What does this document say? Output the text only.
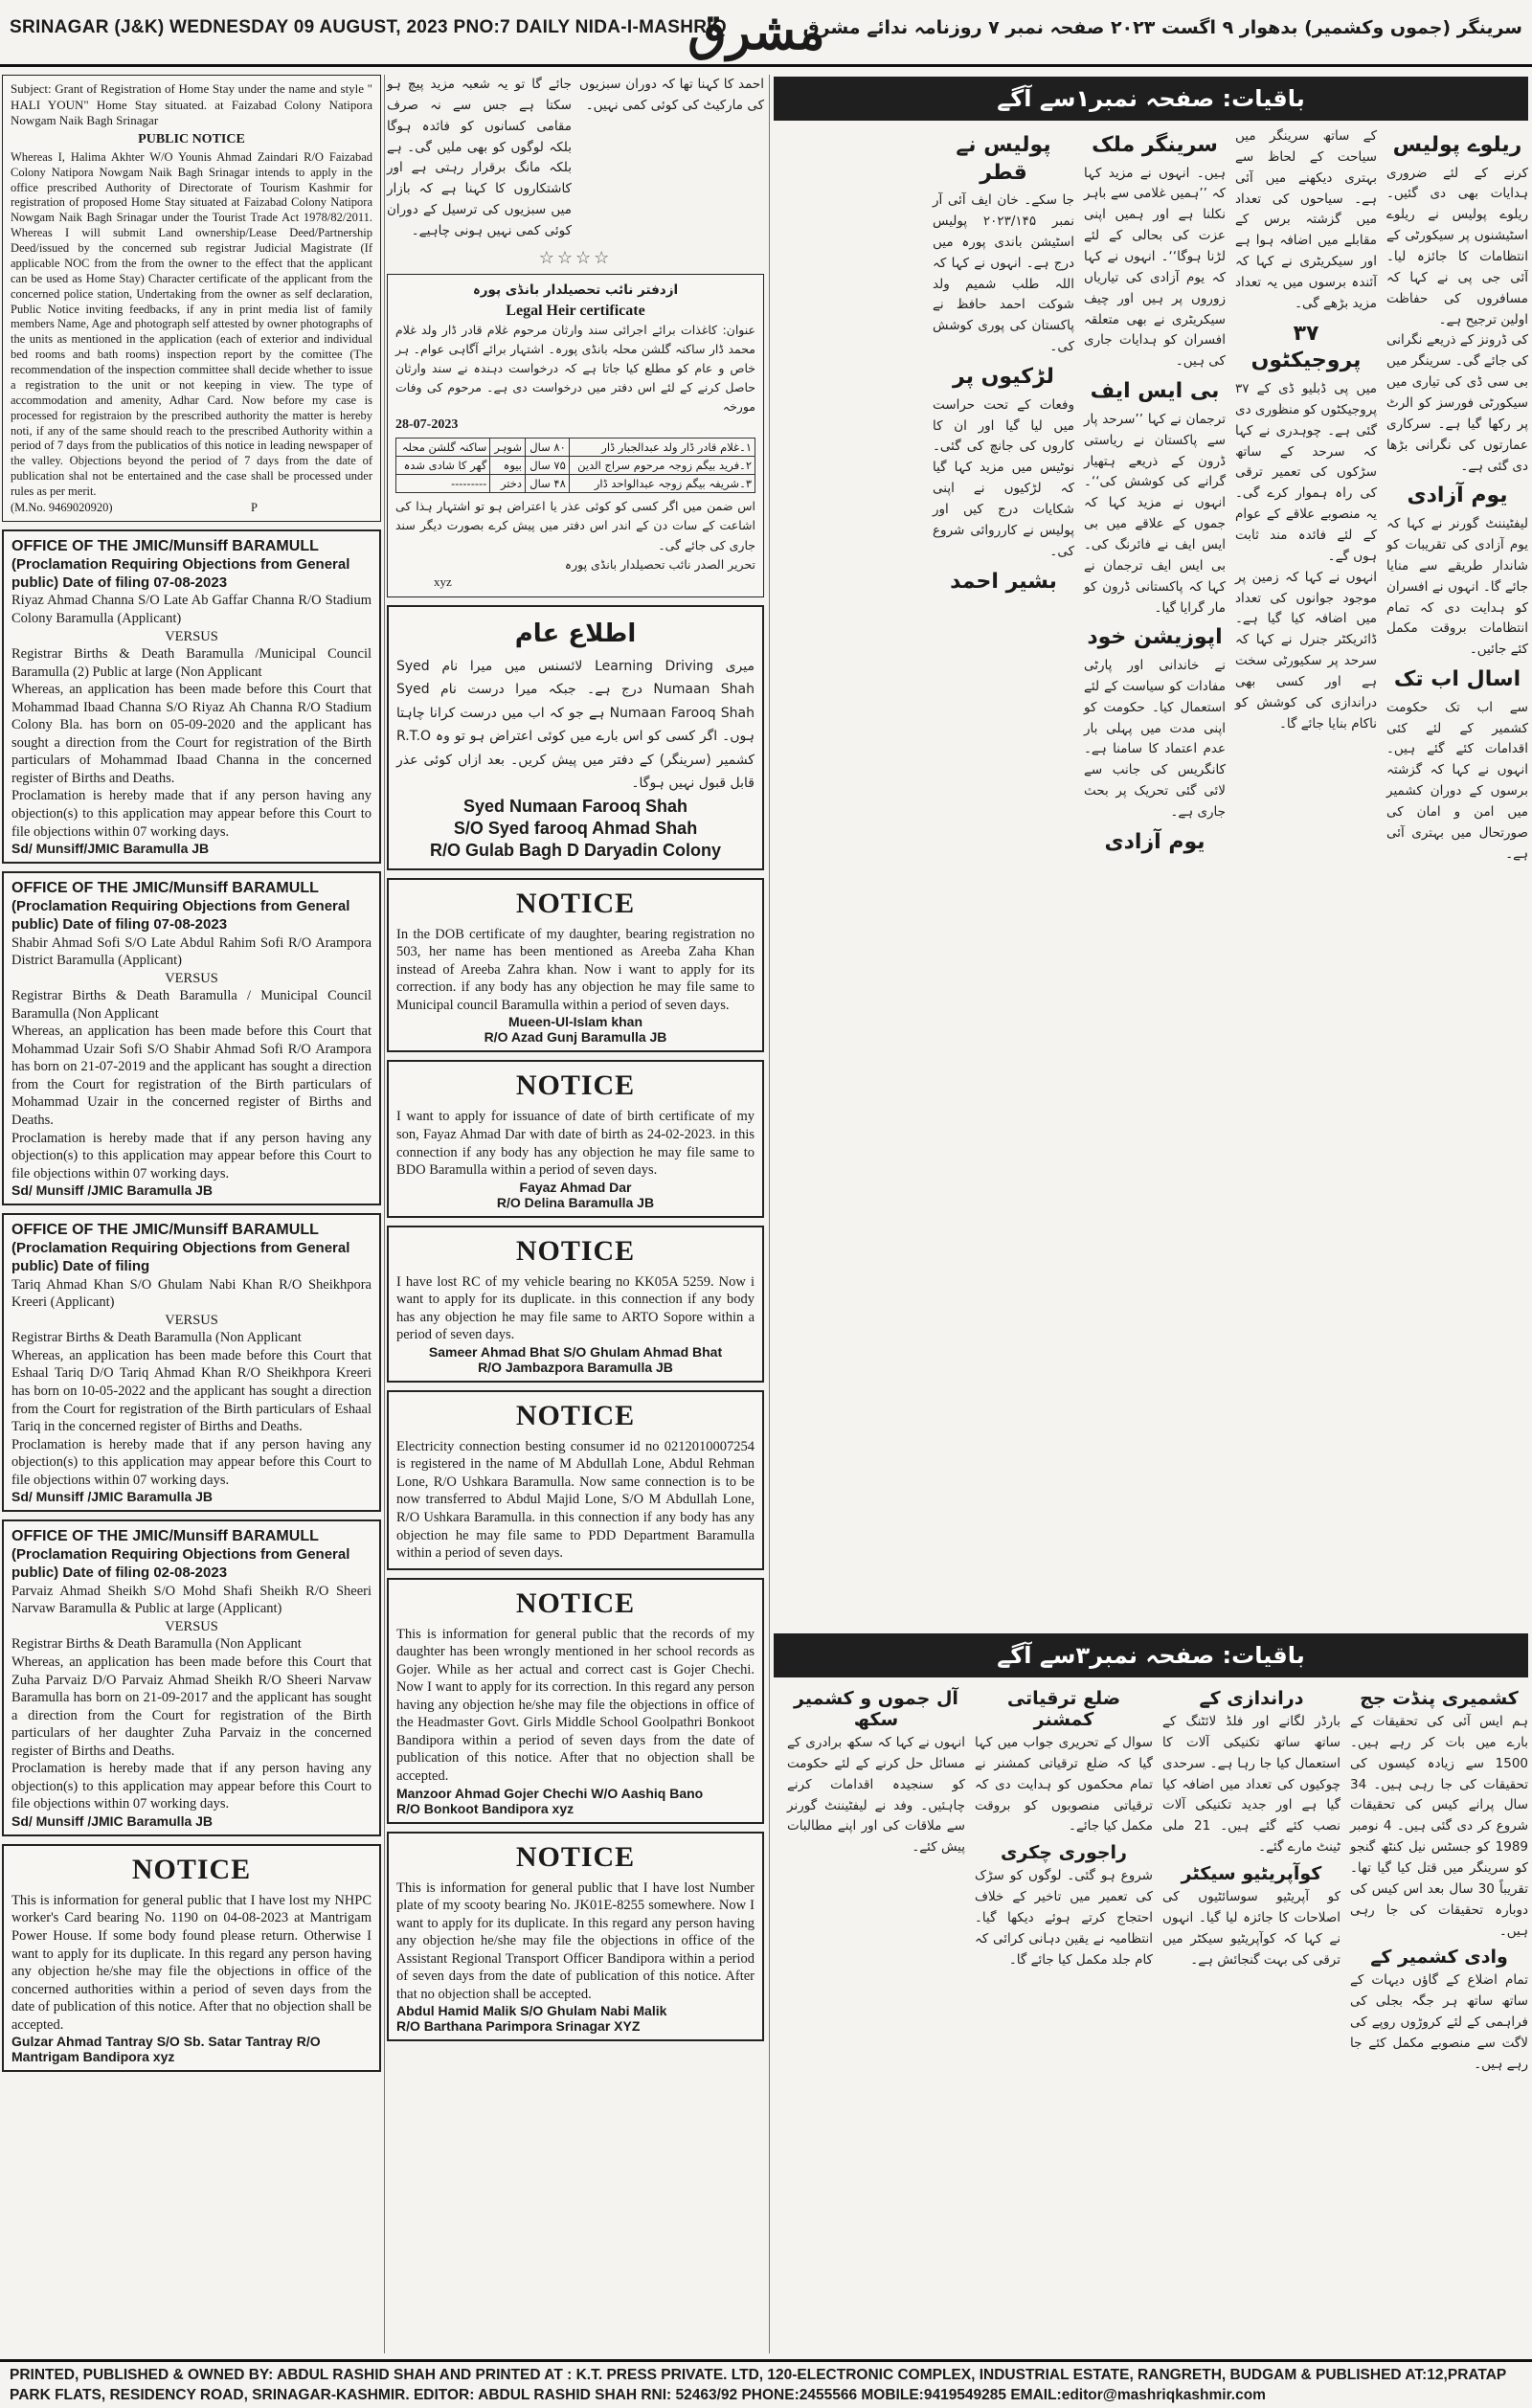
SRINAGAR (J&K) WEDNESDAY 09 AUGUST, 2023 PNO:7 DAILY NIDA-I-MASHRIQ
مشرق
سرینگر (جموں وکشمیر) بدھوار ۹ اگست ۲۰۲۳ صفحہ نمبر ۷ روزنامہ ندائے مشرق
Subject: Grant of Registration of Home Stay under the name and style " HALI YOUN" Home Stay situated. at Faizabad Colony Natipora Nowgam Naik Bagh Srinagar
PUBLIC NOTICE
Whereas I, Halima Akhter W/O Younis Ahmad Zaindari R/O Faizabad Colony Natipora Nowgam Naik Bagh Srinagar intends to apply in the office prescribed Authority of Directorate of Tourism Kashmir for registration of proposed Home Stay situated at Faizabad Colony Natipora Nowgam Naik Bagh Srinagar under the Tourist Trade Act 1978/82/2011. Whereas I will submit Land ownership/Lease Deed/Partnership Deed/issued by the concerned sub registrar Judicial Magistrate (If applicable NOC from the from the owner to the effect that the applicant can be used as Home Stay) Character certificate of the applicant from the concerned police station, Undertaking from the owner as self declaration, Public Notice inviting feedbacks, if any in print media list of family members Name, Age and photograph self attested by owner photographs of the units as mentioned in the application (each of exterior and individual bed rooms and bath rooms) inspection report by the comittee (The recommendation of the inspection committee shall decide whether to issue a registration to the unit or not keeping in view. The type of accommodation and amenity, Adhar Card. Now before my case is processed for registraion by the prescribed authority the matter is hereby noti, if any of the same should reach to the prescribed Authority within a period of 7 days from the publicatios of this notice in leading newspaper of the valley. Objections beyond the period of 7 days from the date of publication shal not be entertained and the case shall be processed under rules as per merit.
(M.No. 9469020920)	P
OFFICE OF THE JMIC/Munsiff BARAMULL
(Proclamation Requiring Objections from General public) Date of filing 07-08-2023
Riyaz Ahmad Channa S/O Late Ab Gaffar Channa R/O Stadium Colony Baramulla (Applicant)
VERSUS
Registrar Births & Death Baramulla /Municipal Council Baramulla (2) Public at large (Non Applicant
Whereas, an application has been made before this Court that Mohammad Ibaad Channa S/O Riyaz Ah Channa R/O Stadium Colony Bla. has born on 05-09-2020 and the applicant has sought a direction from the Court for registration of the Birth particulars of Mohammad Ibaad Channa in the concerned register of Births and Deaths.
Proclamation is hereby made that if any person having any objection(s) to this application may appear before this Court to file objections within 07 working days.
Sd/ Munsiff/JMIC Baramulla JB
OFFICE OF THE JMIC/Munsiff BARAMULL
(Proclamation Requiring Objections from General public) Date of filing 07-08-2023
Shabir Ahmad Sofi S/O Late Abdul Rahim Sofi R/O Arampora District Baramulla (Applicant)
VERSUS
Registrar Births & Death Baramulla / Municipal Council Baramulla (Non Applicant
Whereas, an application has been made before this Court that Mohammad Uzair Sofi S/O Shabir Ahmad Sofi R/O Arampora has born on 21-07-2019 and the applicant has sought a direction from the Court for registration of the Birth particulars of Mohammad Uzair in the concerned register of Births and Deaths.
Proclamation is hereby made that if any person having any objection(s) to this application may appear before this Court to file objections within 07 working days.
Sd/ Munsiff /JMIC Baramulla JB
OFFICE OF THE JMIC/Munsiff BARAMULL
(Proclamation Requiring Objections from General public) Date of filing
Tariq Ahmad Khan S/O Ghulam Nabi Khan R/O Sheikhpora Kreeri (Applicant)
VERSUS
Registrar Births & Death Baramulla (Non Applicant
Whereas, an application has been made before this Court that Eshaal Tariq D/O Tariq Ahmad Khan R/O Sheikhpora Kreeri has born on 10-05-2022 and the applicant has sought a direction from the Court for registration of the Birth particulars of Eshaal Tariq in the concerned register of Births and Deaths.
Proclamation is hereby made that if any person having any objection(s) to this application may appear before this Court to file objections within 07 working days.
Sd/ Munsiff /JMIC Baramulla JB
OFFICE OF THE JMIC/Munsiff BARAMULL
(Proclamation Requiring Objections from General public) Date of filing 02-08-2023
Parvaiz Ahmad Sheikh S/O Mohd Shafi Sheikh R/O Sheeri Narvaw Baramulla & Public at large (Applicant)
VERSUS
Registrar Births & Death Baramulla (Non Applicant
Whereas, an application has been made before this Court that Zuha Parvaiz D/O Parvaiz Ahmad Sheikh R/O Sheeri Narvaw Baramulla has born on 21-09-2017 and the applicant has sought a direction from the Court for registration of the Birth particulars of her daughter Zuha Parvaiz in the concerned register of Births and Deaths.
Proclamation is hereby made that if any person having any objection(s) to this application may appear before this Court to file objections within 07 working days.
Sd/ Munsiff /JMIC Baramulla JB
NOTICE
This is information for general public that I have lost my NHPC worker's Card bearing No. 1190 on 04-08-2023 at Mantrigam Power House. If some body found please return. Otherwise I want to apply for its duplicate. In this regard any person having any objection he/she may file the objections in office of the concerned authorities within a period of seven days from the date of publication of this notice. After that no objection shall be accepted.
Gulzar Ahmad Tantray S/O Sb. Satar Tantray R/O Mantrigam Bandipora xyz
جائے گا تو یہ شعبہ مزید پیچ ہو سکتا ہے جس سے نہ صرف مقامی کسانوں کو فائدہ ہوگا بلکہ لوگوں کو بھی ملیں گی۔ ہے بلکہ مانگ برقرار رہتی ہے اور کاشتکاروں کا کہنا ہے کہ بازار میں سبزیوں کی ترسیل کے دوران کوئی کمی نہیں ہونی چاہیے۔
احمد کا کہنا تھا کہ دوران سبزیوں کی مارکیٹ کی کوئی کمی نہیں۔
☆☆☆☆
ازدفتر نائب تحصیلدار بانڈی پورہ
Legal Heir certificate
عنوان: کاغذات برائے اجرائی سند وارثان مرحوم غلام قادر ڈار ولد غلام محمد ڈار ساکنہ گلشن محلہ بانڈی پورہ۔ اشتہار برائے آگاہی عوام۔ ہر خاص و عام کو مطلع کیا جاتا ہے کہ درخواست دہندہ نے سند وارثان حاصل کرنے کے لئے اس دفتر میں درخواست دی ہے۔ مرحوم کی وفات مورخہ
28-07-2023
۱۔غلام قادر ڈار ولد عبدالجبار ڈار	۸۰ سال	شوہر	ساکنہ گلشن محلہ
۲۔فرید بیگم زوجہ مرحوم سراج الدین	۷۵ سال	بیوہ	گھر کا شادی شدہ
۳۔شریفہ بیگم زوجہ عبدالواحد ڈار	۴۸ سال	دختر	---------
اس ضمن میں اگر کسی کو کوئی عذر یا اعتراض ہو تو اشتہار ہذا کی اشاعت کے سات دن کے اندر اس دفتر میں پیش کرے بصورت دیگر سند جاری کی جائے گی۔
تحریر الصدر نائب تحصیلدار بانڈی پورہ
xyz
اطلاع عام
میری Learning Driving لائسنس میں میرا نام Syed Numaan Shah درج ہے۔ جبکہ میرا درست نام Syed Numaan Farooq Shah ہے جو کہ اب میں درست کرانا چاہتا ہوں۔ اگر کسی کو اس بارے میں کوئی اعتراض ہو تو وہ R.T.O کشمیر (سرینگر) کے دفتر میں پیش کریں۔ بعد ازاں کوئی عذر قابل قبول نہیں ہوگا۔
Syed Numaan Farooq Shah
S/O Syed farooq Ahmad Shah
R/O Gulab Bagh D Daryadin Colony
NOTICE
In the DOB certificate of my daughter, bearing registration no 503, her name has been mentioned as Areeba Zaha Khan instead of Areeba Zahra khan. Now i want to apply for its correction. if any body has any objection he may file same to Municipal council Baramulla within a period of seven days.
Mueen-Ul-Islam khan
R/O Azad Gunj Baramulla JB
NOTICE
I want to apply for issuance of date of birth certificate of my son, Fayaz Ahmad Dar with date of birth as 24-02-2023. in this connection if any body has any objection he may file same to BDO Baramulla within a period of seven days.
Fayaz Ahmad Dar
R/O Delina Baramulla JB
NOTICE
I have lost RC of my vehicle bearing no KK05A 5259. Now i want to apply for its duplicate. in this connection if any body has any objection he may file same to ARTO Sopore within a period of seven days.
Sameer Ahmad Bhat S/O Ghulam Ahmad Bhat
R/O Jambazpora Baramulla JB
NOTICE
Electricity connection besting consumer id no 0212010007254 is registered in the name of M Abdullah Lone, Abdul Rehman Lone, R/O Ushkara Baramulla. Now same connection is to be now transferred to Abdul Majid Lone, S/O M Abdullah Lone, R/O Ushkara Baramulla. in this connection if any body has any objection he may file same to PDD Department Baramulla within a period of seven days.
NOTICE
This is information for general public that the records of my daughter has been wrongly mentioned in her school records as Gojer. While as her actual and correct cast is Gojer Chechi. Now I want to apply for its correction. In this regard any person having any objection he/she may file the objections in office of the Headmaster Govt. Girls Middle School Goolpathri Bonkoot Bandipora within a period of seven days from the date of publication of this notice. After that no objection shall be accepted.
Manzoor Ahmad Gojer Chechi W/O Aashiq Bano
R/O Bonkoot Bandipora xyz
NOTICE
This is information for general public that I have lost Number plate of my scooty bearing No. JK01E-8255 somewhere. Now I want to apply for its duplicate. In this regard any person having any objection he/she may file the objections in office of the Assistant Regional Transport Officer Bandipora within a period of seven days from the date of publication of this notice. After that no objection shall be accepted.
Abdul Hamid Malik S/O Ghulam Nabi Malik
R/O Barthana Parimpora Srinagar XYZ
باقیات: صفحہ نمبر۱سے آگے
ریلوے پولیس
کرنے کے لئے ضروری ہدایات بھی دی گئیں۔ ریلوے پولیس نے ریلوے اسٹیشنوں پر سیکورٹی کے انتظامات کا جائزہ لیا۔ آئی جی پی نے کہا کہ مسافروں کی حفاظت اولین ترجیح ہے۔
کی ڈرونز کے ذریعے نگرانی کی جائے گی۔ سرینگر میں بی سی ڈی کی تیاری میں سیکورٹی فورسز کو الرٹ پر رکھا گیا ہے۔ سرکاری عمارتوں کی نگرانی بڑھا دی گئی ہے۔
یوم آزادی
لیفٹیننٹ گورنر نے کہا کہ یوم آزادی کی تقریبات کو شاندار طریقے سے منایا جائے گا۔ انہوں نے افسران کو ہدایت دی کہ تمام انتظامات بروقت مکمل کئے جائیں۔
اسال اب تک
سے اب تک حکومت کشمیر کے لئے کئی اقدامات کئے گئے ہیں۔ انہوں نے کہا کہ گزشتہ برسوں کے دوران کشمیر میں امن و امان کی صورتحال میں بہتری آئی ہے۔
کے ساتھ سرینگر میں سیاحت کے لحاظ سے بہتری دیکھنے میں آئی ہے۔ سیاحوں کی تعداد میں گزشتہ برس کے مقابلے میں اضافہ ہوا ہے اور سیکریٹری نے کہا کہ آئندہ برسوں میں یہ تعداد مزید بڑھے گی۔
۳۷ پروجیکٹوں
میں پی ڈبلیو ڈی کے ۳۷ پروجیکٹوں کو منظوری دی گئی ہے۔ چوہدری نے کہا کہ سرحد کے ساتھ سڑکوں کی تعمیر ترقی کی راہ ہموار کرے گی۔ یہ منصوبے علاقے کے عوام کے لئے فائدہ مند ثابت ہوں گے۔
انہوں نے کہا کہ زمین پر موجود جوانوں کی تعداد میں اضافہ کیا گیا ہے۔ ڈائریکٹر جنرل نے کہا کہ سرحد پر سکیورٹی سخت ہے اور کسی بھی دراندازی کی کوشش کو ناکام بنایا جائے گا۔
سرینگر ملک
ہیں۔ انہوں نے مزید کہا کہ ’’ہمیں غلامی سے باہر نکلنا ہے اور ہمیں اپنی عزت کی بحالی کے لئے لڑنا ہوگا‘‘۔ انہوں نے کہا کہ یوم آزادی کی تیاریاں زوروں پر ہیں اور چیف سیکریٹری نے بھی متعلقہ افسران کو ہدایات جاری کی ہیں۔
بی ایس ایف
ترجمان نے کہا ’’سرحد پار سے پاکستان نے ریاستی ڈرون کے ذریعے ہتھیار گرانے کی کوشش کی‘‘۔ انہوں نے مزید کہا کہ جموں کے علاقے میں بی ایس ایف نے فائرنگ کی۔ بی ایس ایف ترجمان نے کہا کہ پاکستانی ڈرون کو مار گرایا گیا۔
اپوزیشن خود
نے خاندانی اور پارٹی مفادات کو سیاست کے لئے استعمال کیا۔ حکومت کو اپنی مدت میں پہلی بار عدم اعتماد کا سامنا ہے۔ کانگریس کی جانب سے لائی گئی تحریک پر بحث جاری ہے۔
یوم آزادی
پولیس نے قطر
جا سکے۔ خان ایف آئی آر نمبر ۲۰۲۳/۱۴۵ پولیس اسٹیشن باندی پورہ میں درج ہے۔ انہوں نے کہا کہ اللہ طلب شمیم ولد شوکت احمد حافظ نے پاکستان کی پوری کوشش کی۔
لڑکیوں پر
وفعات کے تحت حراست میں لیا گیا اور ان کا کاروں کی جانچ کی گئی۔ نوٹیس میں مزید کہا گیا کہ لڑکیوں نے اپنی شکایات درج کیں اور پولیس نے کارروائی شروع کی۔
بشیر احمد
باقیات: صفحہ نمبر۳سے آگے
کشمیری پنڈت جج
ہم ایس آئی کی تحقیقات کے بارے میں بات کر رہے ہیں۔ 1500 سے زیادہ کیسوں کی تحقیقات کی جا رہی ہیں۔ 34 سال پرانے کیس کی تحقیقات شروع کر دی گئی ہیں۔ 4 نومبر 1989 کو جسٹس نیل کنٹھ گنجو کو سرینگر میں قتل کیا گیا تھا۔ تقریباً 30 سال بعد اس کیس کی دوبارہ تحقیقات کی جا رہی ہیں۔
وادی کشمیر کے
تمام اضلاع کے گاؤں دیہات کے ساتھ ساتھ ہر جگہ بجلی کی فراہمی کے لئے کروڑوں روپے کی لاگت سے منصوبے مکمل کئے جا رہے ہیں۔
دراندازی کے
بارڈر لگانے اور فلڈ لائٹنگ کے ساتھ ساتھ تکنیکی آلات کا استعمال کیا جا رہا ہے۔ سرحدی چوکیوں کی تعداد میں اضافہ کیا گیا ہے اور جدید تکنیکی آلات نصب کئے گئے ہیں۔ 21 ملی ٹینٹ مارے گئے۔
کوآپریٹیو سیکٹر
کو آپریٹیو سوسائٹیوں کی اصلاحات کا جائزہ لیا گیا۔ انہوں نے کہا کہ کوآپریٹیو سیکٹر میں ترقی کی بہت گنجائش ہے۔
ضلع ترقیاتی کمشنر
سوال کے تحریری جواب میں کہا گیا کہ ضلع ترقیاتی کمشنر نے تمام محکموں کو ہدایت دی کہ ترقیاتی منصوبوں کو بروقت مکمل کیا جائے۔
راجوری چکری
شروع ہو گئی۔ لوگوں کو سڑک کی تعمیر میں تاخیر کے خلاف احتجاج کرتے ہوئے دیکھا گیا۔ انتظامیہ نے یقین دہانی کرائی کہ کام جلد مکمل کیا جائے گا۔
آل جموں و کشمیر سکھ
انہوں نے کہا کہ سکھ برادری کے مسائل حل کرنے کے لئے حکومت کو سنجیدہ اقدامات کرنے چاہئیں۔ وفد نے لیفٹیننٹ گورنر سے ملاقات کی اور اپنے مطالبات پیش کئے۔
PRINTED, PUBLISHED & OWNED BY: ABDUL RASHID SHAH AND PRINTED AT : K.T. PRESS PRIVATE. LTD, 120-ELECTRONIC COMPLEX, INDUSTRIAL ESTATE, RANGRETH, BUDGAM & PUBLISHED AT:12,PRATAP
PARK FLATS, RESIDENCY ROAD, SRINAGAR-KASHMIR. EDITOR: ABDUL RASHID SHAH RNI: 52463/92 PHONE:2455566 MOBILE:9419549285 EMAIL:editor@mashriqkashmir.com
